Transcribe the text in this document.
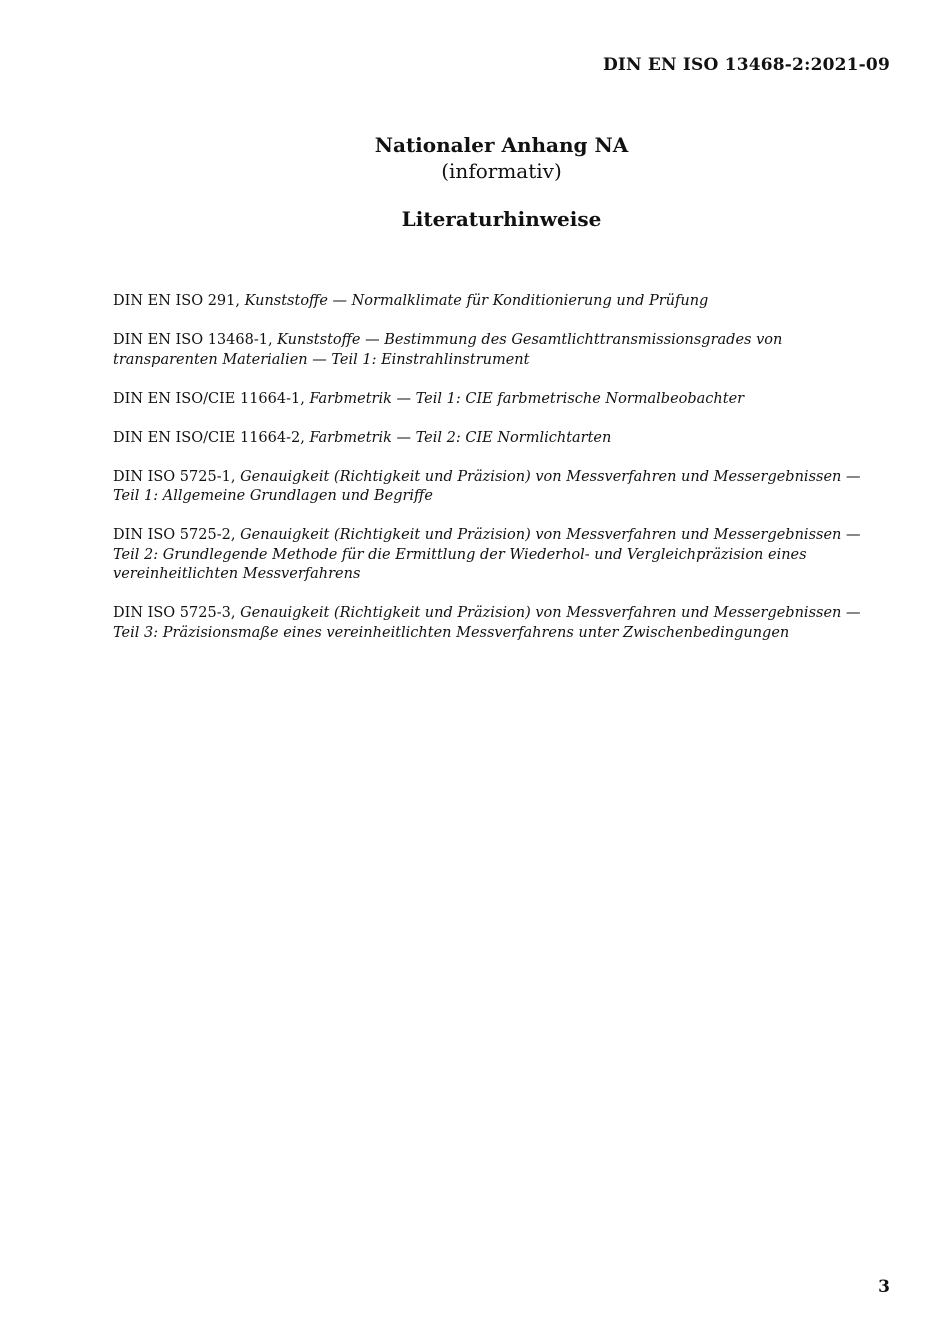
DIN EN ISO 13468-2:2021-09
Nationaler Anhang NA
(informativ)
Literaturhinweise

DIN EN ISO 291, Kunststoffe — Normalklimate für Konditionierung und Prüfung

DIN EN ISO 13468-1, Kunststoffe — Bestimmung des Gesamtlichttransmissionsgrades von transparenten Materialien — Teil 1: Einstrahlinstrument

DIN EN ISO/CIE 11664-1, Farbmetrik — Teil 1: CIE farbmetrische Normalbeobachter

DIN EN ISO/CIE 11664-2, Farbmetrik — Teil 2: CIE Normlichtarten

DIN ISO 5725-1, Genauigkeit (Richtigkeit und Präzision) von Messverfahren und Messergebnissen — Teil 1: Allgemeine Grundlagen und Begriffe

DIN ISO 5725-2, Genauigkeit (Richtigkeit und Präzision) von Messverfahren und Messergebnissen — Teil 2: Grundlegende Methode für die Ermittlung der Wiederhol- und Vergleichpräzision eines vereinheitlichten Messverfahrens

DIN ISO 5725-3, Genauigkeit (Richtigkeit und Präzision) von Messverfahren und Messergebnissen — Teil 3: Präzisionsmaße eines vereinheitlichten Messverfahrens unter Zwischenbedingungen

3
